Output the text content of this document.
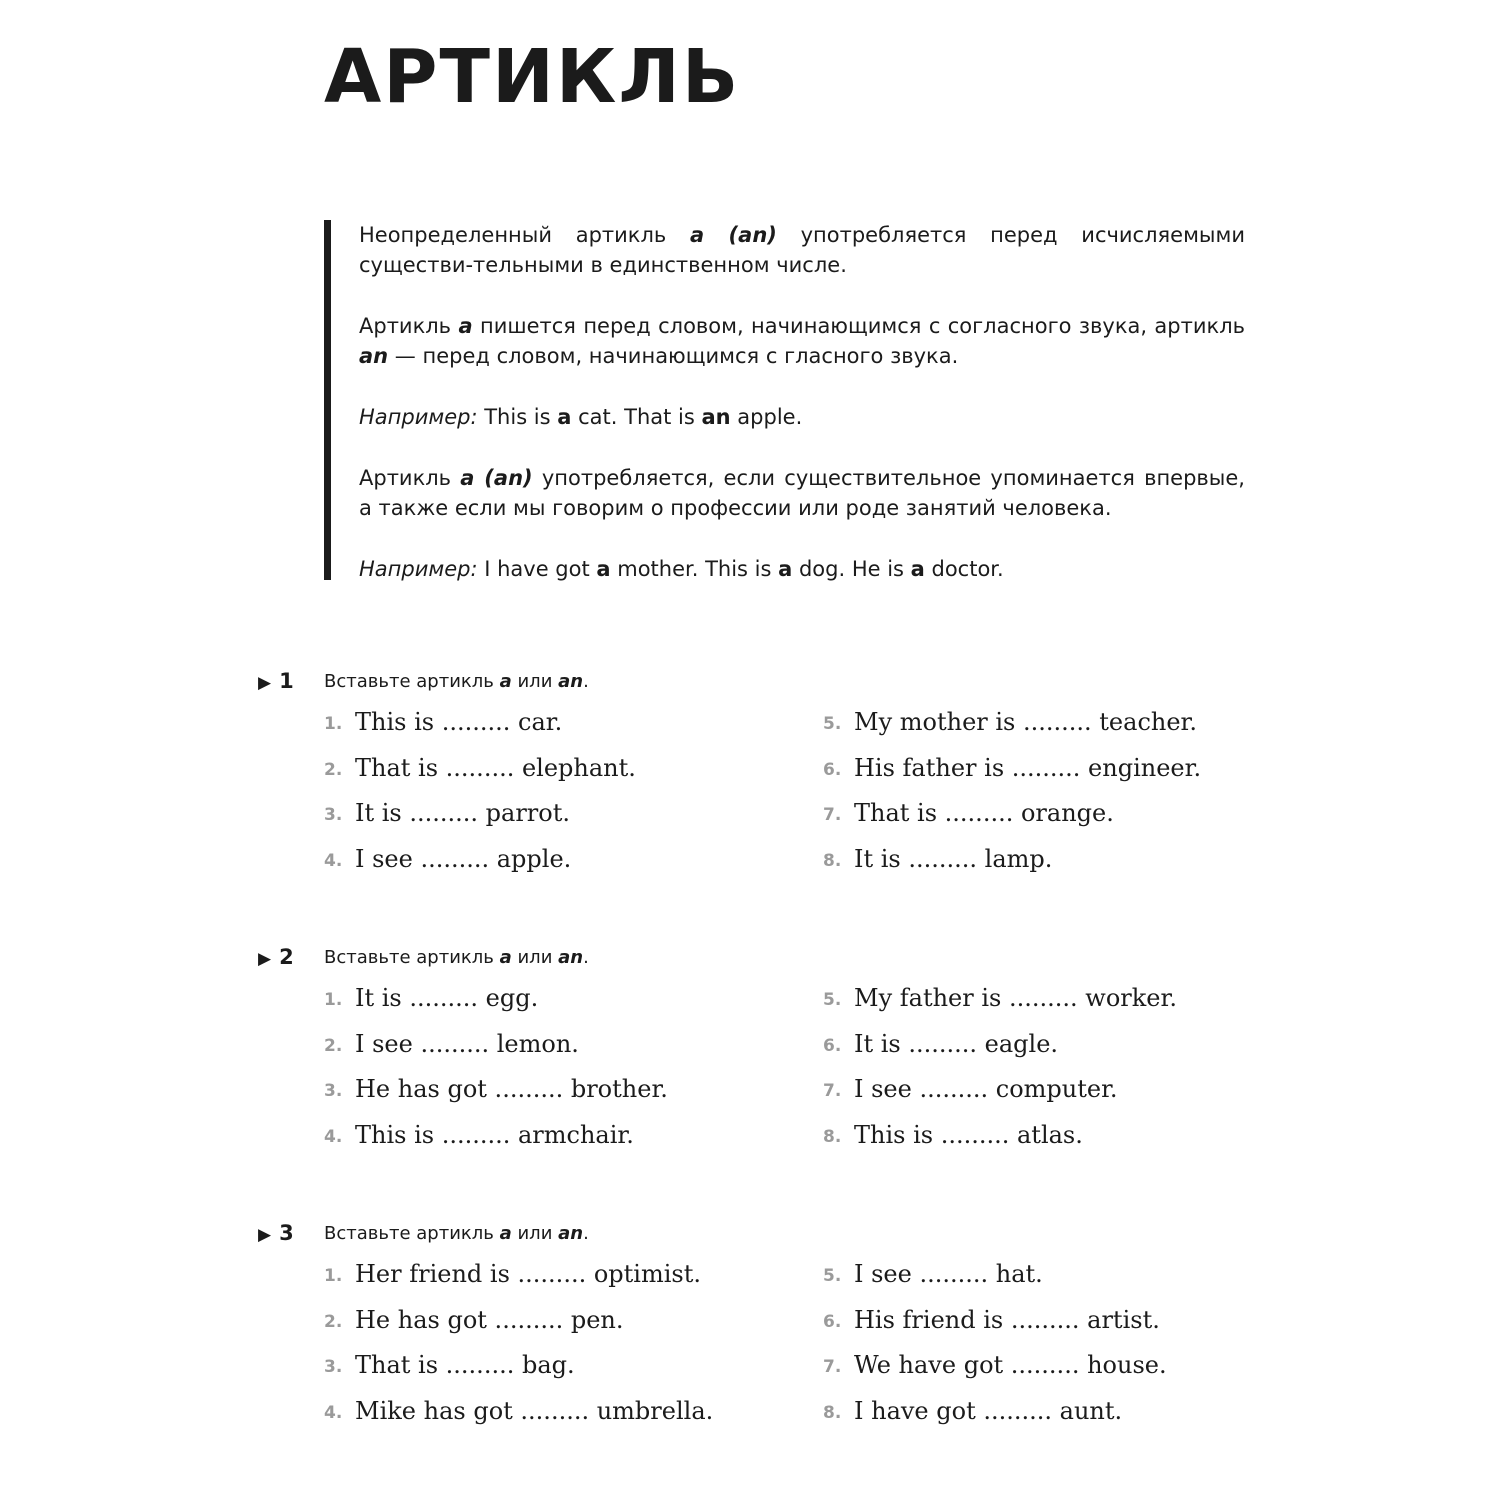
АРТИКЛЬ

Неопределенный артикль a (an) употребляется перед исчисляемыми существи-тельными в единственном числе.

Артикль a пишется перед словом, начинающимся с согласного звука, артикль an — перед словом, начинающимся с гласного звука.

Например: This is a cat. That is an apple.

Артикль a (an) употребляется, если существительное упоминается впервые, а также если мы говорим о профессии или роде занятий человека.

Например: I have got a mother. This is a dog. He is a doctor.

▶ 1 Вставьте артикль a или an.
1. This is ......... car.
2. That is ......... elephant.
3. It is ......... parrot.
4. I see ......... apple.
5. My mother is ......... teacher.
6. His father is ......... engineer.
7. That is ......... orange.
8. It is ......... lamp.
▶ 2 Вставьте артикль a или an.
1. It is ......... egg.
2. I see ......... lemon.
3. He has got ......... brother.
4. This is ......... armchair.
5. My father is ......... worker.
6. It is ......... eagle.
7. I see ......... computer.
8. This is ......... atlas.
▶ 3 Вставьте артикль a или an.
1. Her friend is ......... optimist.
2. He has got ......... pen.
3. That is ......... bag.
4. Mike has got ......... umbrella.
5. I see ......... hat.
6. His friend is ......... artist.
7. We have got ......... house.
8. I have got ......... aunt.
